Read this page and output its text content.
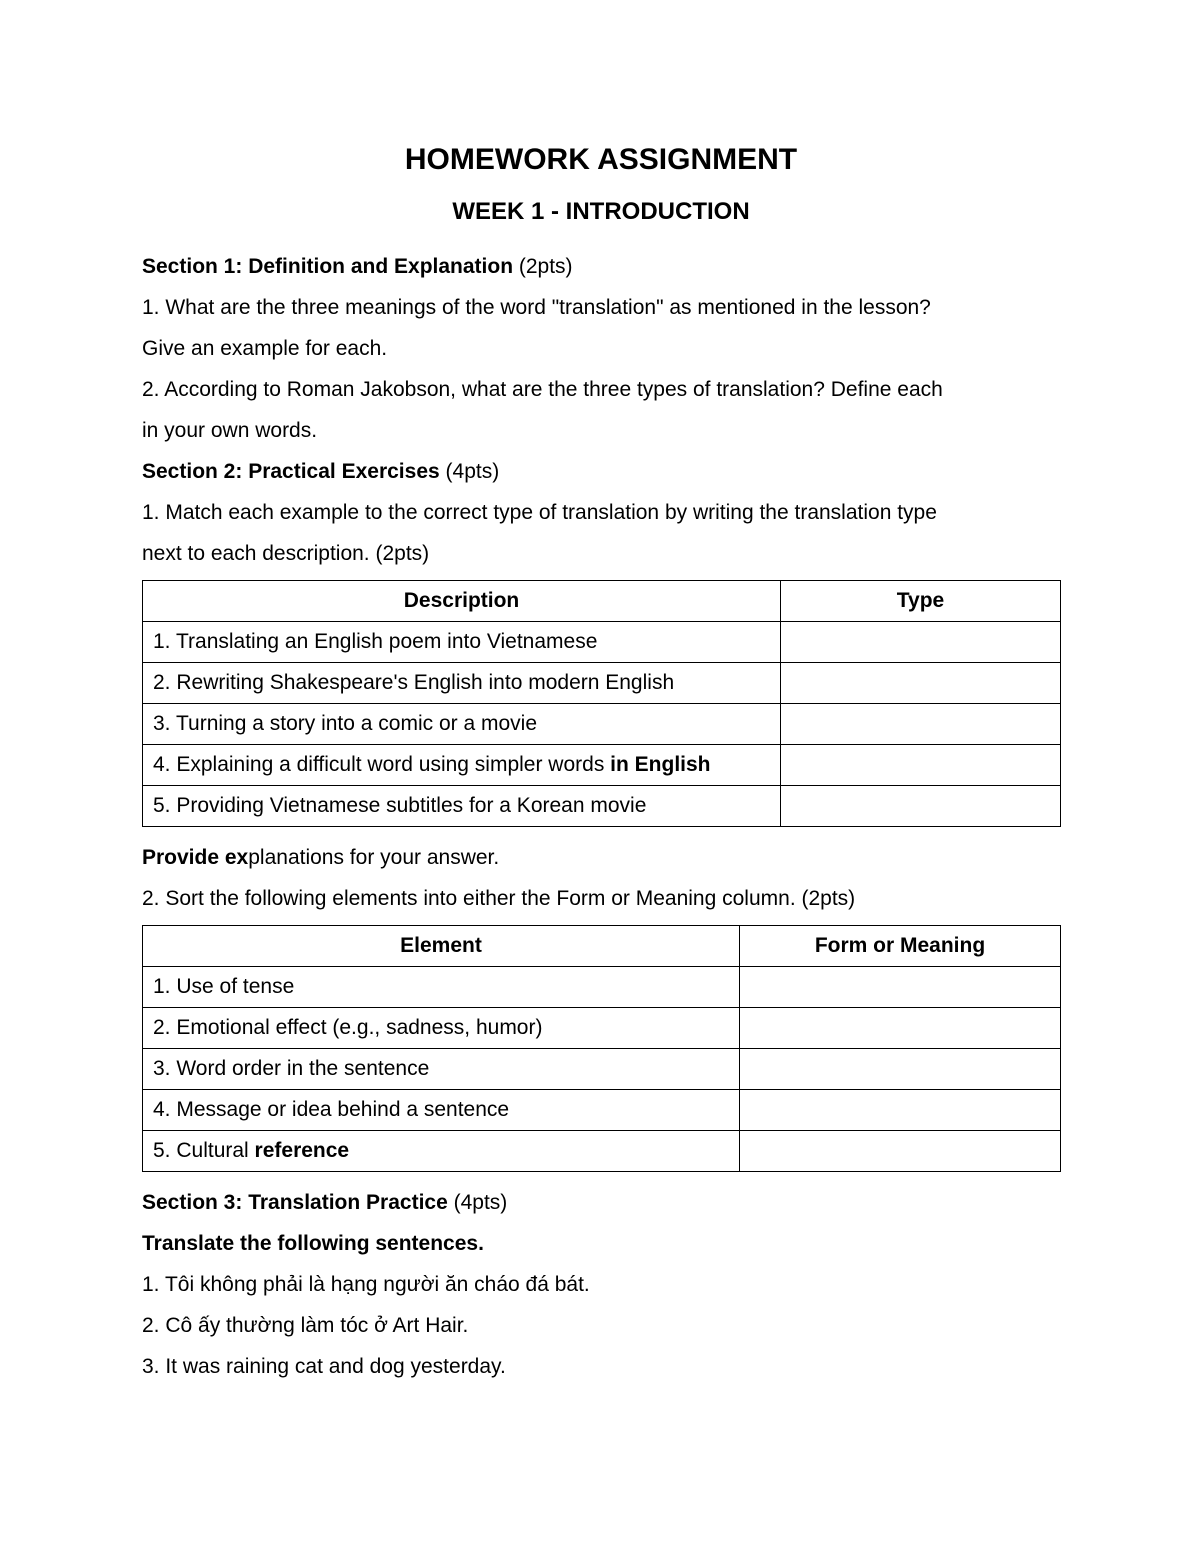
HOMEWORK ASSIGNMENT
WEEK 1 - INTRODUCTION
Section 1: Definition and Explanation (2pts)
1. What are the three meanings of the word "translation" as mentioned in the lesson?
Give an example for each.
2. According to Roman Jakobson, what are the three types of translation? Define each
in your own words.
Section 2: Practical Exercises (4pts)
1. Match each example to the correct type of translation by writing the translation type
next to each description. (2pts)
Description	Type
1. Translating an English poem into Vietnamese	
2. Rewriting Shakespeare's English into modern English	
3. Turning a story into a comic or a movie	
4. Explaining a difficult word using simpler words in English	
5. Providing Vietnamese subtitles for a Korean movie	
Provide explanations for your answer.
2. Sort the following elements into either the Form or Meaning column. (2pts)
Element	Form or Meaning
1. Use of tense	
2. Emotional effect (e.g., sadness, humor)	
3. Word order in the sentence	
4. Message or idea behind a sentence	
5. Cultural reference	
Section 3: Translation Practice (4pts)
Translate the following sentences.
1. Tôi không phải là hạng người ăn cháo đá bát.
2. Cô ấy thường làm tóc ở Art Hair.
3. It was raining cat and dog yesterday.
